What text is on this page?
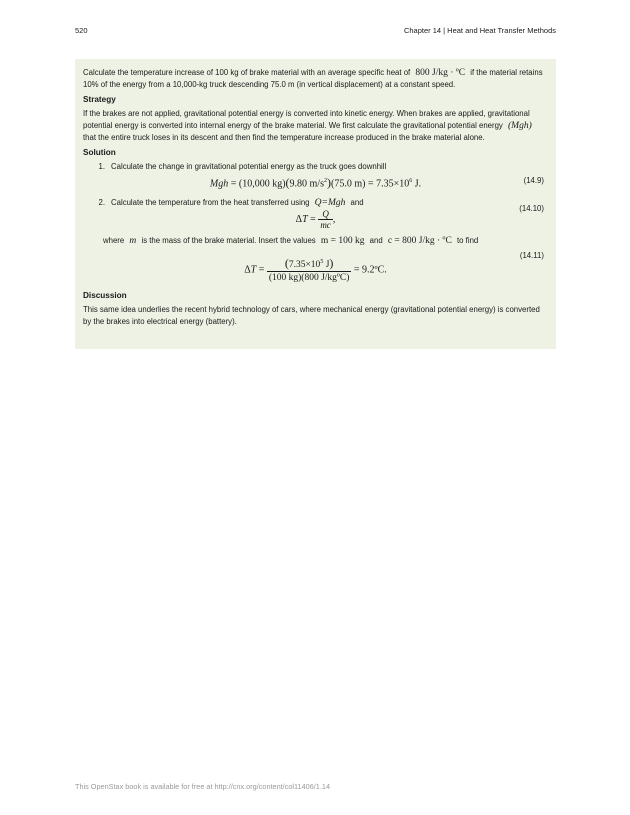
520	Chapter 14 | Heat and Heat Transfer Methods

Calculate the temperature increase of 100 kg of brake material with an average specific heat of 800 J/kg · ºC if the material retains 10% of the energy from a 10,000-kg truck descending 75.0 m (in vertical displacement) at a constant speed.

Strategy

If the brakes are not applied, gravitational potential energy is converted into kinetic energy. When brakes are applied, gravitational potential energy is converted into internal energy of the brake material. We first calculate the gravitational potential energy (Mgh) that the entire truck loses in its descent and then find the temperature increase produced in the brake material alone.

Solution
1. Calculate the change in gravitational potential energy as the truck goes downhill
Mgh = (10,000 kg)(9.80 $m/s^2)(75.0$ $m) = 7.35\times 10^6$ J.	(14.9)
2. Calculate the temperature from the heat transferred using Q=Mgh and
$\Delta T = \frac{Q}{mc}$ ,
(14.10)

where m is the mass of the brake material. Insert the values m = 100 kg and c = 800 J/kg · ºC to find

$\Delta T = \frac{(7.35\times 10^5 J)}{\text{(100 kg)(800 J/kgºC)}}$ = 9.2ºC.
(14.11)
Discussion

This same idea underlies the recent hybrid technology of cars, where mechanical energy (gravitational potential energy) is converted by the brakes into electrical energy (battery).

This OpenStax book is available for free at http://cnx.org/content/col11406/1.14
